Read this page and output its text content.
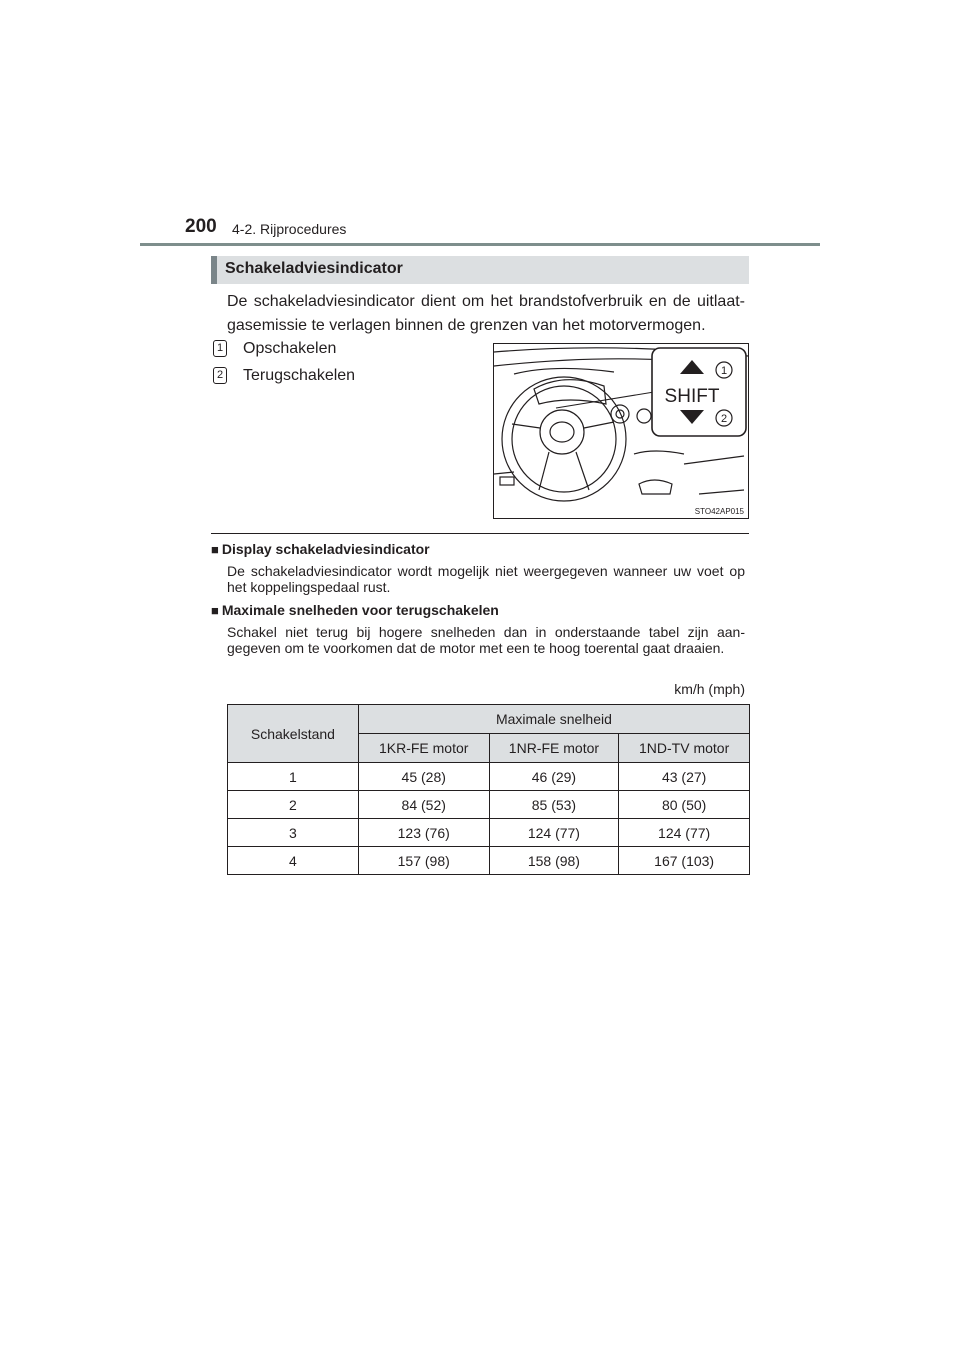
200 4-2. Rijprocedures
Schakeladviesindicator
De schakeladviesindicator dient om het brandstofverbruik en de uitlaat- gasemissie te verlagen binnen de grenzen van het motorvermogen.
1 Opschakelen
2 Terugschakelen
SHIFT
1
2
STO42AP015
■ Display schakeladviesindicator
De schakeladviesindicator wordt mogelijk niet weergegeven wanneer uw voet op het koppelingspedaal rust.
■ Maximale snelheden voor terugschakelen
Schakel niet terug bij hogere snelheden dan in onderstaande tabel zijn aan- gegeven om te voorkomen dat de motor met een te hoog toerental gaat draaien.
km/h (mph)
Schakelstand	Maximale snelheid		
	1KR-FE motor	1NR-FE motor	1ND-TV motor
1	45 (28)	46 (29)	43 (27)
2	84 (52)	85 (53)	80 (50)
3	123 (76)	124 (77)	124 (77)
4	157 (98)	158 (98)	167 (103)
